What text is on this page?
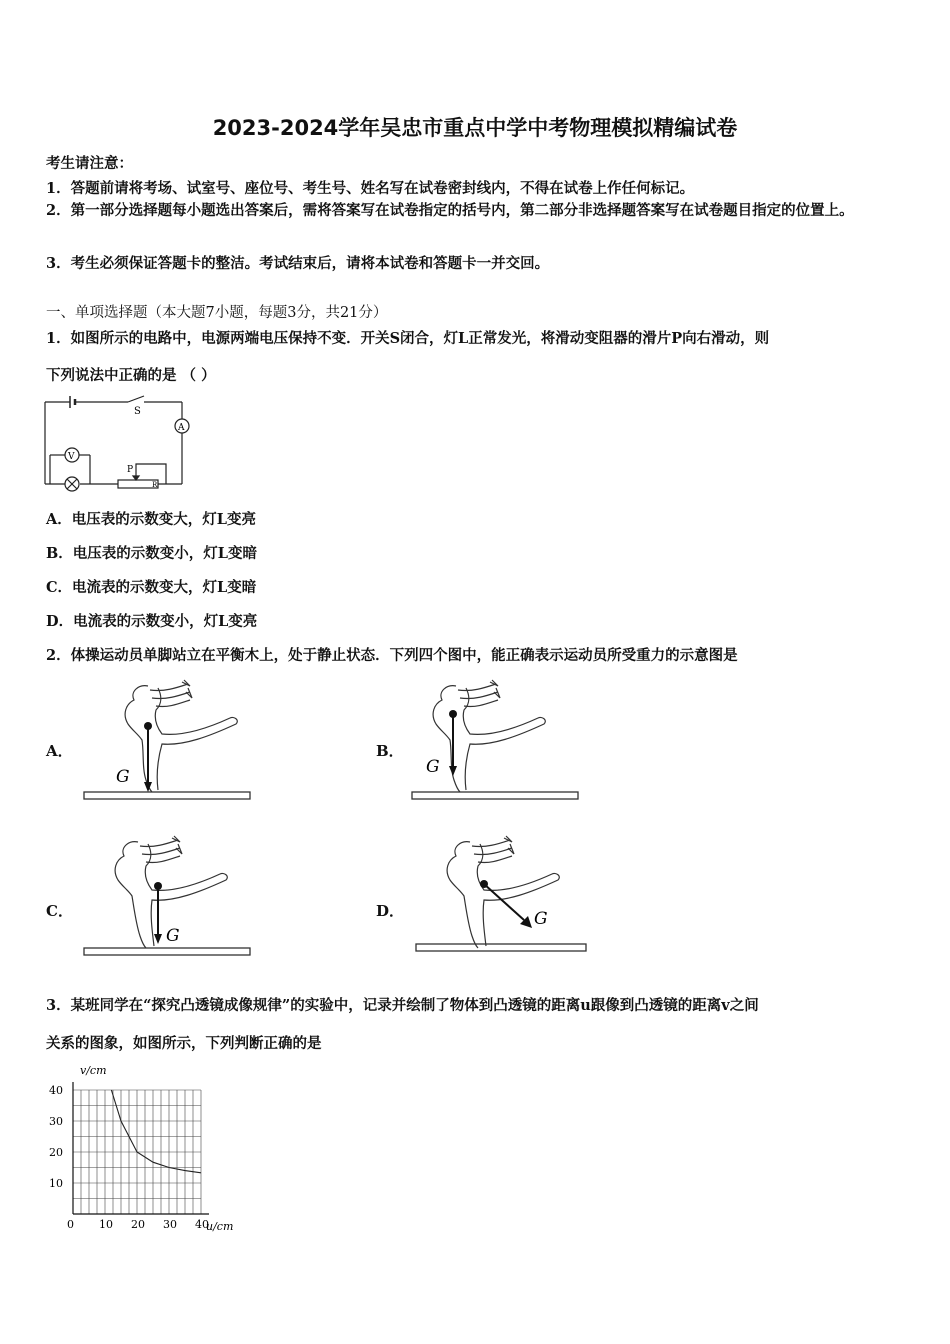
2023-2024学年吴忠市重点中学中考物理模拟精编试卷
考生请注意：
1．答题前请将考场、试室号、座位号、考生号、姓名写在试卷密封线内，不得在试卷上作任何标记。
2．第一部分选择题每小题选出答案后，需将答案写在试卷指定的括号内，第二部分非选择题答案写在试卷题目指定的位置上。
3．考生必须保证答题卡的整洁。考试结束后，请将本试卷和答题卡一并交回。
一、单项选择题（本大题7小题，每题3分，共21分）
1．如图所示的电路中，电源两端电压保持不变．开关S闭合，灯L正常发光，将滑动变阻器的滑片P向右滑动，则
下列说法中正确的是 （ ）
S
A
V
P
R
A．电压表的示数变大，灯L变亮
B．电压表的示数变小，灯L变暗
C．电流表的示数变大，灯L变暗
D．电流表的示数变小，灯L变亮
2．体操运动员单脚站立在平衡木上，处于静止状态．下列四个图中，能正确表示运动员所受重力的示意图是
A．
G
B．
G
C．
G
D．	G
3．某班同学在“探究凸透镜成像规律”的实验中，记录并绘制了物体到凸透镜的距离u跟像到凸透镜的距离v之间
关系的图象，如图所示，下列判断正确的是
0 10 20 30 40
10
20
30
40
v/cm
u/cm
